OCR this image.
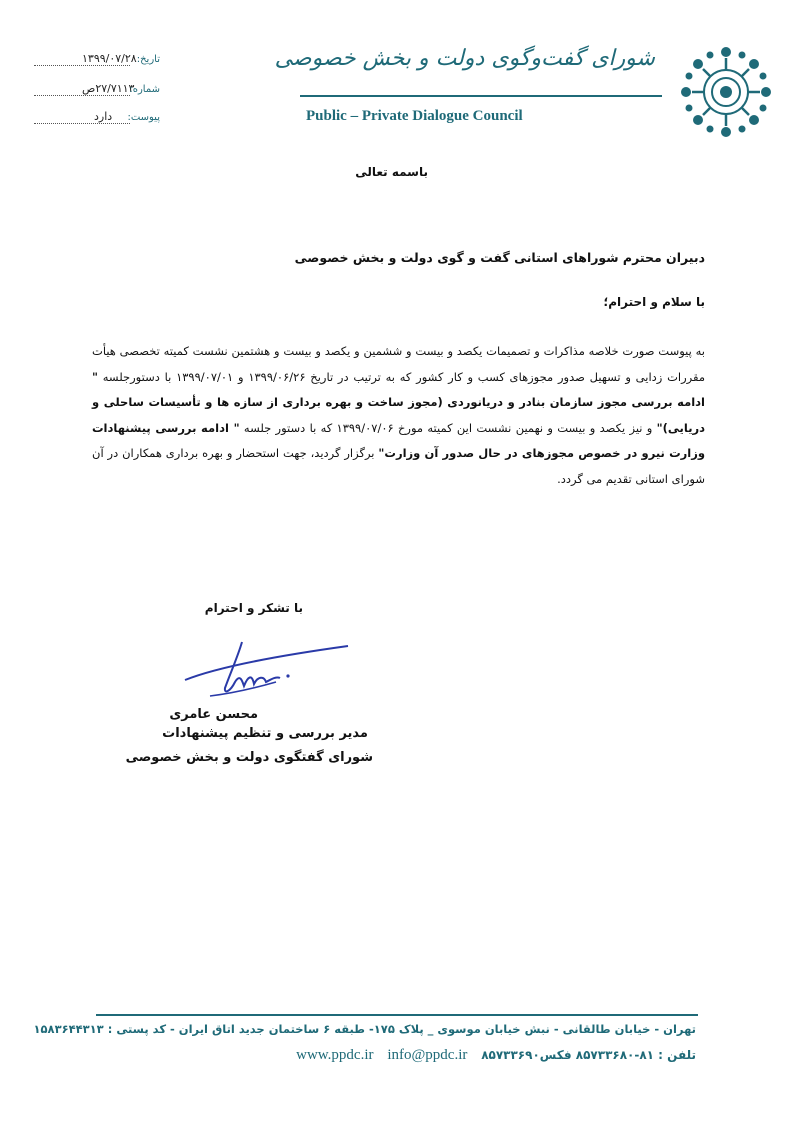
شورای گفت‌وگوی دولت و بخش خصوصی
Public – Private Dialogue Council
۱۳۹۹/۰۷/۲۸ تاریخ:
۲۷/۷۱۱۳ص
شماره:
دارد پیوست:
باسمه تعالی
دبیران محترم شوراهای استانی گفت و گوی دولت و بخش خصوصی
با سلام و احترام؛
به پیوست صورت خلاصه مذاکرات و تصمیمات یکصد و بیست و ششمین و یکصد و بیست و هشتمین نشست کمیته تخصصی هیأت مقررات زدایی و تسهیل صدور مجوزهای کسب و کار کشور که به ترتیب در تاریخ ۱۳۹۹/۰۶/۲۶ و ۱۳۹۹/۰۷/۰۱ با دستورجلسه " ادامه بررسی مجوز سازمان بنادر و دریانوردی (مجوز ساخت و بهره برداری از سازه ها و تأسیسات ساحلی و دریایی)" و نیز یکصد و بیست و نهمین نشست این کمیته مورخ ۱۳۹۹/۰۷/۰۶ که با دستور جلسه " ادامه بررسی پیشنهادات وزارت نیرو در خصوص مجوزهای در حال صدور آن وزارت" برگزار گردید، جهت استحضار و بهره برداری همکاران در آن شورای استانی تقدیم می گردد.
با تشکر و احترام
محسن عامری
مدیر بررسی و تنظیم پیشنهادات
شورای گفتگوی دولت و بخش خصوصی
تهران - خیابان طالقانی - نبش خیابان موسوی _ پلاک ۱۷۵- طبقه ۶ ساختمان جدید اتاق ایران - کد پستی : ۱۵۸۳۶۴۴۳۱۳
تلفن : ۸۱-۸۵۷۳۳۶۸۰ فکس۸۵۷۳۳۶۹۰ www.ppdc.ir info@ppdc.ir
